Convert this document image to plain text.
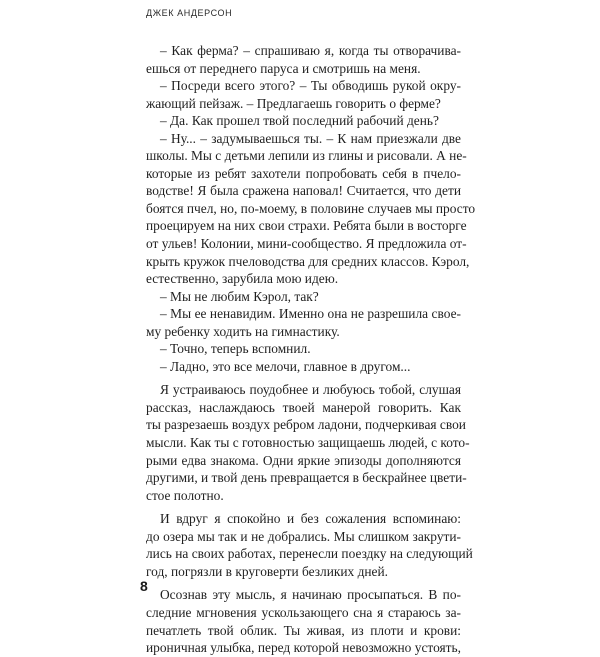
ДЖЕК АНДЕРСОН
– Как ферма? – спрашиваю я, когда ты отворачива-
ешься от переднего паруса и смотришь на меня.
– Посреди всего этого? – Ты обводишь рукой окру-
жающий пейзаж. – Предлагаешь говорить о ферме?
– Да. Как прошел твой последний рабочий день?
– Ну... – задумываешься ты. – К нам приезжали две
школы. Мы с детьми лепили из глины и рисовали. А не-
которые из ребят захотели попробовать себя в пчело-
водстве! Я была сражена наповал! Считается, что дети
боятся пчел, но, по-моему, в половине случаев мы просто
проецируем на них свои страхи. Ребята были в восторге
от ульев! Колонии, мини-сообщество. Я предложила от-
крыть кружок пчеловодства для средних классов. Кэрол,
естественно, зарубила мою идею.
– Мы не любим Кэрол, так?
– Мы ее ненавидим. Именно она не разрешила свое-
му ребенку ходить на гимнастику.
– Точно, теперь вспомнил.
– Ладно, это все мелочи, главное в другом...
Я устраиваюсь поудобнее и любуюсь тобой, слушая
рассказ, наслаждаюсь твоей манерой говорить. Как
ты разрезаешь воздух ребром ладони, подчеркивая свои
мысли. Как ты с готовностью защищаешь людей, с кото-
рыми едва знакома. Одни яркие эпизоды дополняются
другими, и твой день превращается в бескрайнее цвети-
стое полотно.
И вдруг я спокойно и без сожаления вспоминаю:
до озера мы так и не добрались. Мы слишком закрути-
лись на своих работах, перенесли поездку на следующий
год, погрязли в круговерти безликих дней.
Осознав эту мысль, я начинаю просыпаться. В по-
следние мгновения ускользающего сна я стараюсь за-
печатлеть твой облик. Ты живая, из плоти и крови:
ироничная улыбка, перед которой невозможно устоять,
8
